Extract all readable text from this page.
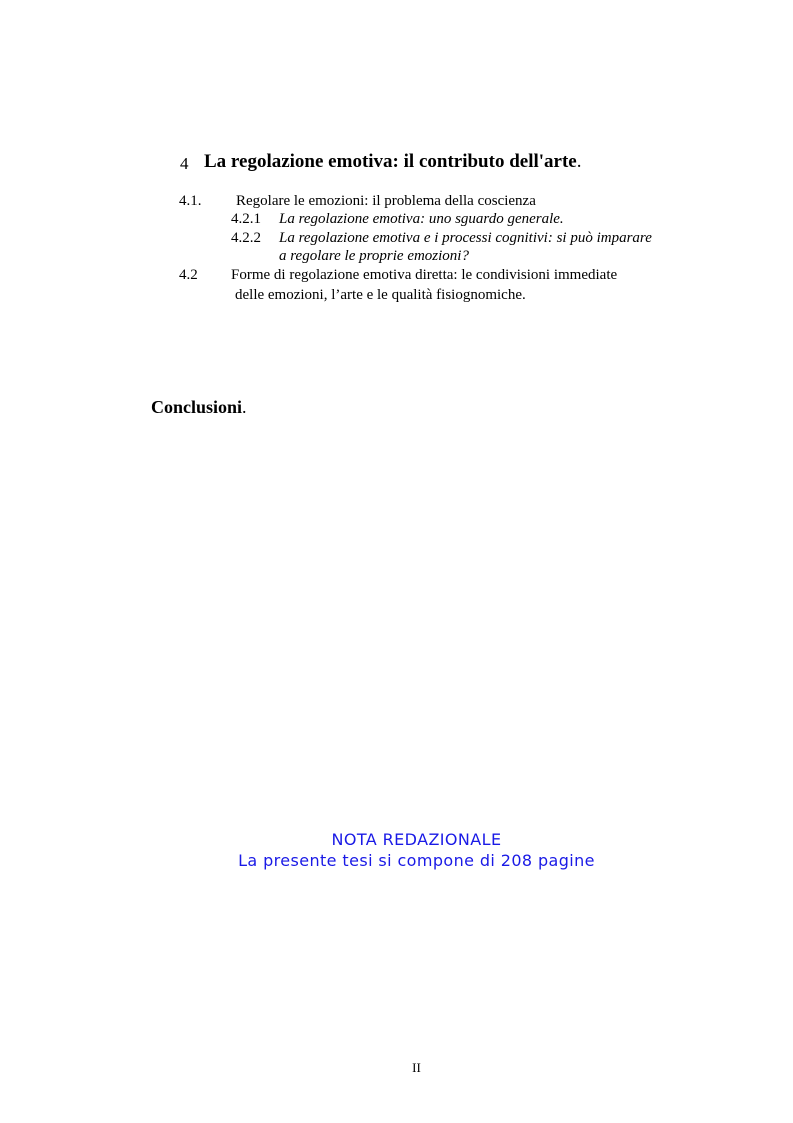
4 La regolazione emotiva: il contributo dell'arte.
4.1. Regolare le emozioni: il problema della coscienza
4.2.1 La regolazione emotiva: uno sguardo generale.
4.2.2 La regolazione emotiva e i processi cognitivi: si può imparare
a regolare le proprie emozioni?
4.2 Forme di regolazione emotiva diretta: le condivisioni immediate
delle emozioni, l’arte e le qualità fisiognomiche.
Conclusioni.
NOTA REDAZIONALE
La presente tesi si compone di 208 pagine
II
